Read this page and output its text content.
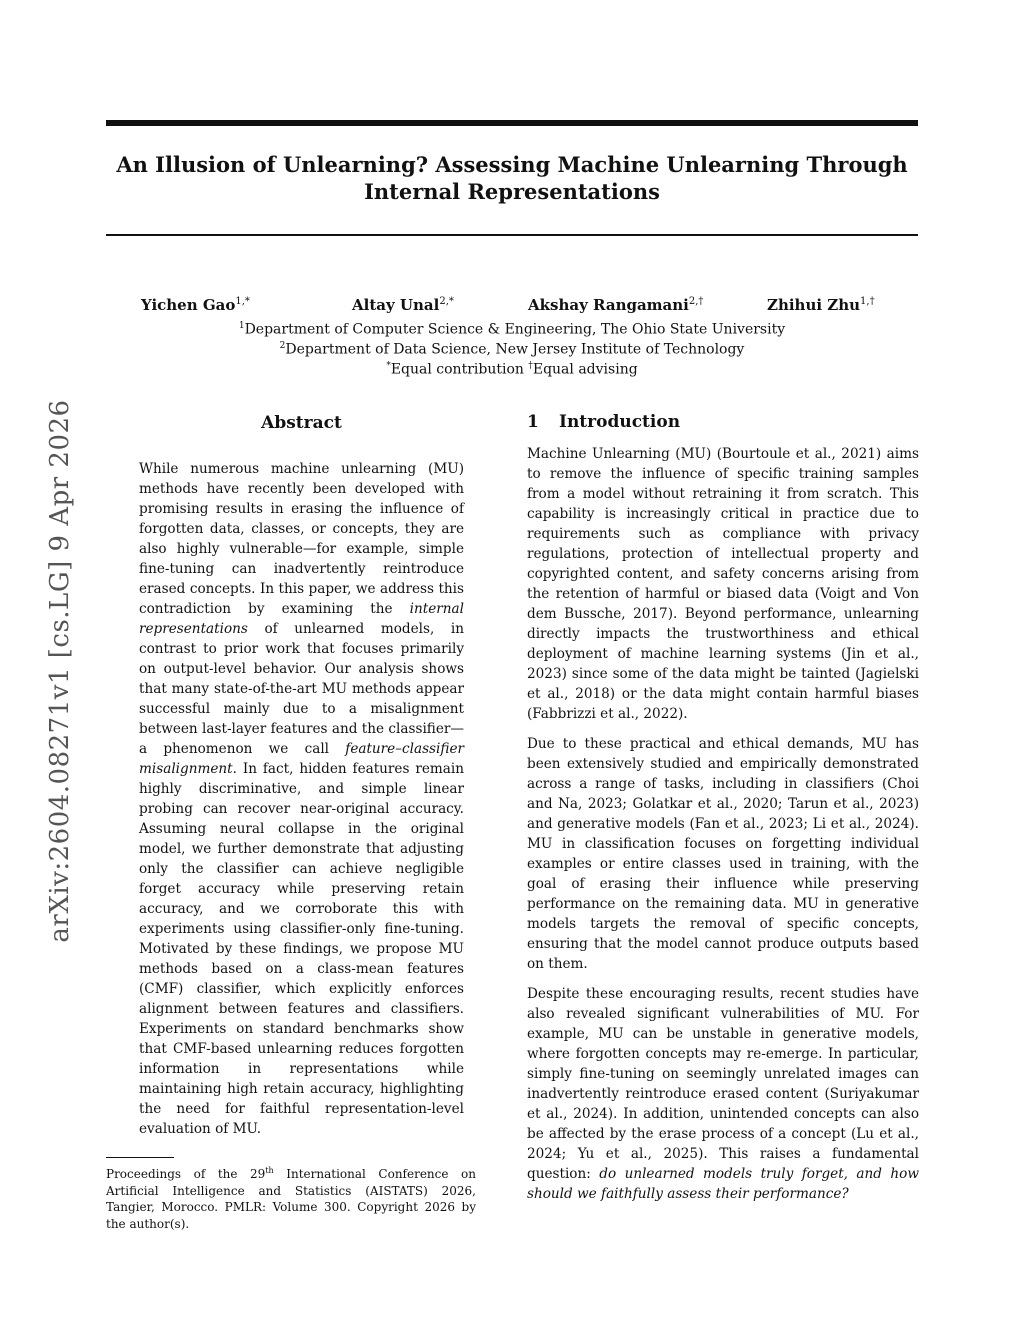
An Illusion of Unlearning? Assessing Machine Unlearning Through
Internal Representations
Yichen Gao$^{1,*}$	Altay Unal$^{2,*}$	Akshay Rangamani$^{2,\dagger}$	Zhihui Zhu$^{1,\dagger}$
$^1$Department of Computer Science & Engineering, The Ohio State University
$^2$Department of Data Science, New Jersey Institute of Technology
*Equal contribution †Equal advising
arXiv:2604.08271v1 [cs.LG] 9 Apr 2026	Abstract
While numerous machine unlearning (MU) methods have recently been developed with promising results in erasing the influence of forgotten data, classes, or concepts, they are also highly vulnerable—for example, simple fine-tuning can inadvertently reintroduce erased concepts. In this paper, we address this contradiction by examining the internal representations of unlearned models, in contrast to prior work that focuses primarily on output-level behavior. Our analysis shows that many state-of-the-art MU methods appear successful mainly due to a misalignment between last-layer features and the classifier—a phenomenon we call feature–classifier misalignment. In fact, hidden features remain highly discriminative, and simple linear probing can recover near-original accuracy. Assuming neural collapse in the original model, we further demonstrate that adjusting only the classifier can achieve negligible forget accuracy while preserving retain accuracy, and we corroborate this with experiments using classifier-only fine-tuning. Motivated by these findings, we propose MU methods based on a class-mean features (CMF) classifier, which explicitly enforces alignment between features and classifiers. Experiments on standard benchmarks show that CMF-based unlearning reduces forgotten information in representations while maintaining high retain accuracy, highlighting the need for faithful representation-level evaluation of MU.
Proceedings of the 29th International Conference on Artificial Intelligence and Statistics (AISTATS) 2026, Tangier, Morocco. PMLR: Volume 300. Copyright 2026 by the author(s).
1 Introduction

Machine Unlearning (MU) (Bourtoule et al., 2021) aims to remove the influence of specific training samples from a model without retraining it from scratch. This capability is increasingly critical in practice due to requirements such as compliance with privacy regulations, protection of intellectual property and copyrighted content, and safety concerns arising from the retention of harmful or biased data (Voigt and Von dem Bussche, 2017). Beyond performance, unlearning directly impacts the trustworthiness and ethical deployment of machine learning systems (Jin et al., 2023) since some of the data might be tainted (Jagielski et al., 2018) or the data might contain harmful biases (Fabbrizzi et al., 2022).

Due to these practical and ethical demands, MU has been extensively studied and empirically demonstrated across a range of tasks, including in classifiers (Choi and Na, 2023; Golatkar et al., 2020; Tarun et al., 2023) and generative models (Fan et al., 2023; Li et al., 2024). MU in classification focuses on forgetting individual examples or entire classes used in training, with the goal of erasing their influence while preserving performance on the remaining data. MU in generative models targets the removal of specific concepts, ensuring that the model cannot produce outputs based on them.

Despite these encouraging results, recent studies have also revealed significant vulnerabilities of MU. For example, MU can be unstable in generative models, where forgotten concepts may re-emerge. In particular, simply fine-tuning on seemingly unrelated images can inadvertently reintroduce erased content (Suriyakumar et al., 2024). In addition, unintended concepts can also be affected by the erase process of a concept (Lu et al., 2024; Yu et al., 2025). This raises a fundamental question: do unlearned models truly forget, and how should we faithfully assess their performance?
